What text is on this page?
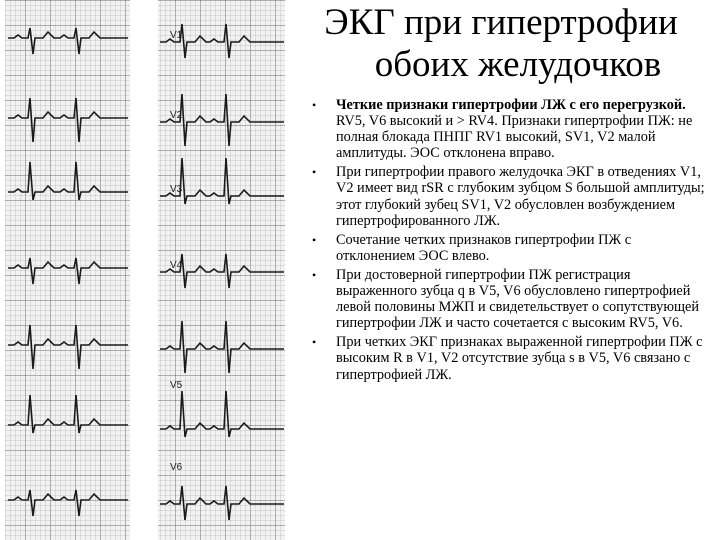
V1
V2
V3
V4
V5
V6
ЭКГ при гипертрофии
обоих желудочков
• Четкие признаки гипертрофии ЛЖ с его перегрузкой. RV5, V6 высокий и > RV4. Признаки гипертрофии ПЖ: не полная блокада ПНПГ RV1 высокий, SV1, V2 малой амплитуды. ЭОС отклонена вправо.
• При гипертрофии правого желудочка ЭКГ в отведениях V1, V2 имеет вид rSR с глубоким зубцом S большой амплитуды; этот глубокий зубец SV1, V2 обусловлен возбуждением гипертрофированного ЛЖ.
• Сочетание четких признаков гипертрофии ПЖ с отклонением ЭОС влево.
• При достоверной гипертрофии ПЖ регистрация выраженного зубца q в V5, V6 обусловлено гипертрофией левой половины МЖП и свидетельствует о сопутствующей гипертрофии ЛЖ и часто сочетается с высоким RV5, V6.
• При четких ЭКГ признаках выраженной гипертрофии ПЖ с высоким R в V1, V2 отсутствие зубца s в V5, V6 связано с гипертрофией ЛЖ.
